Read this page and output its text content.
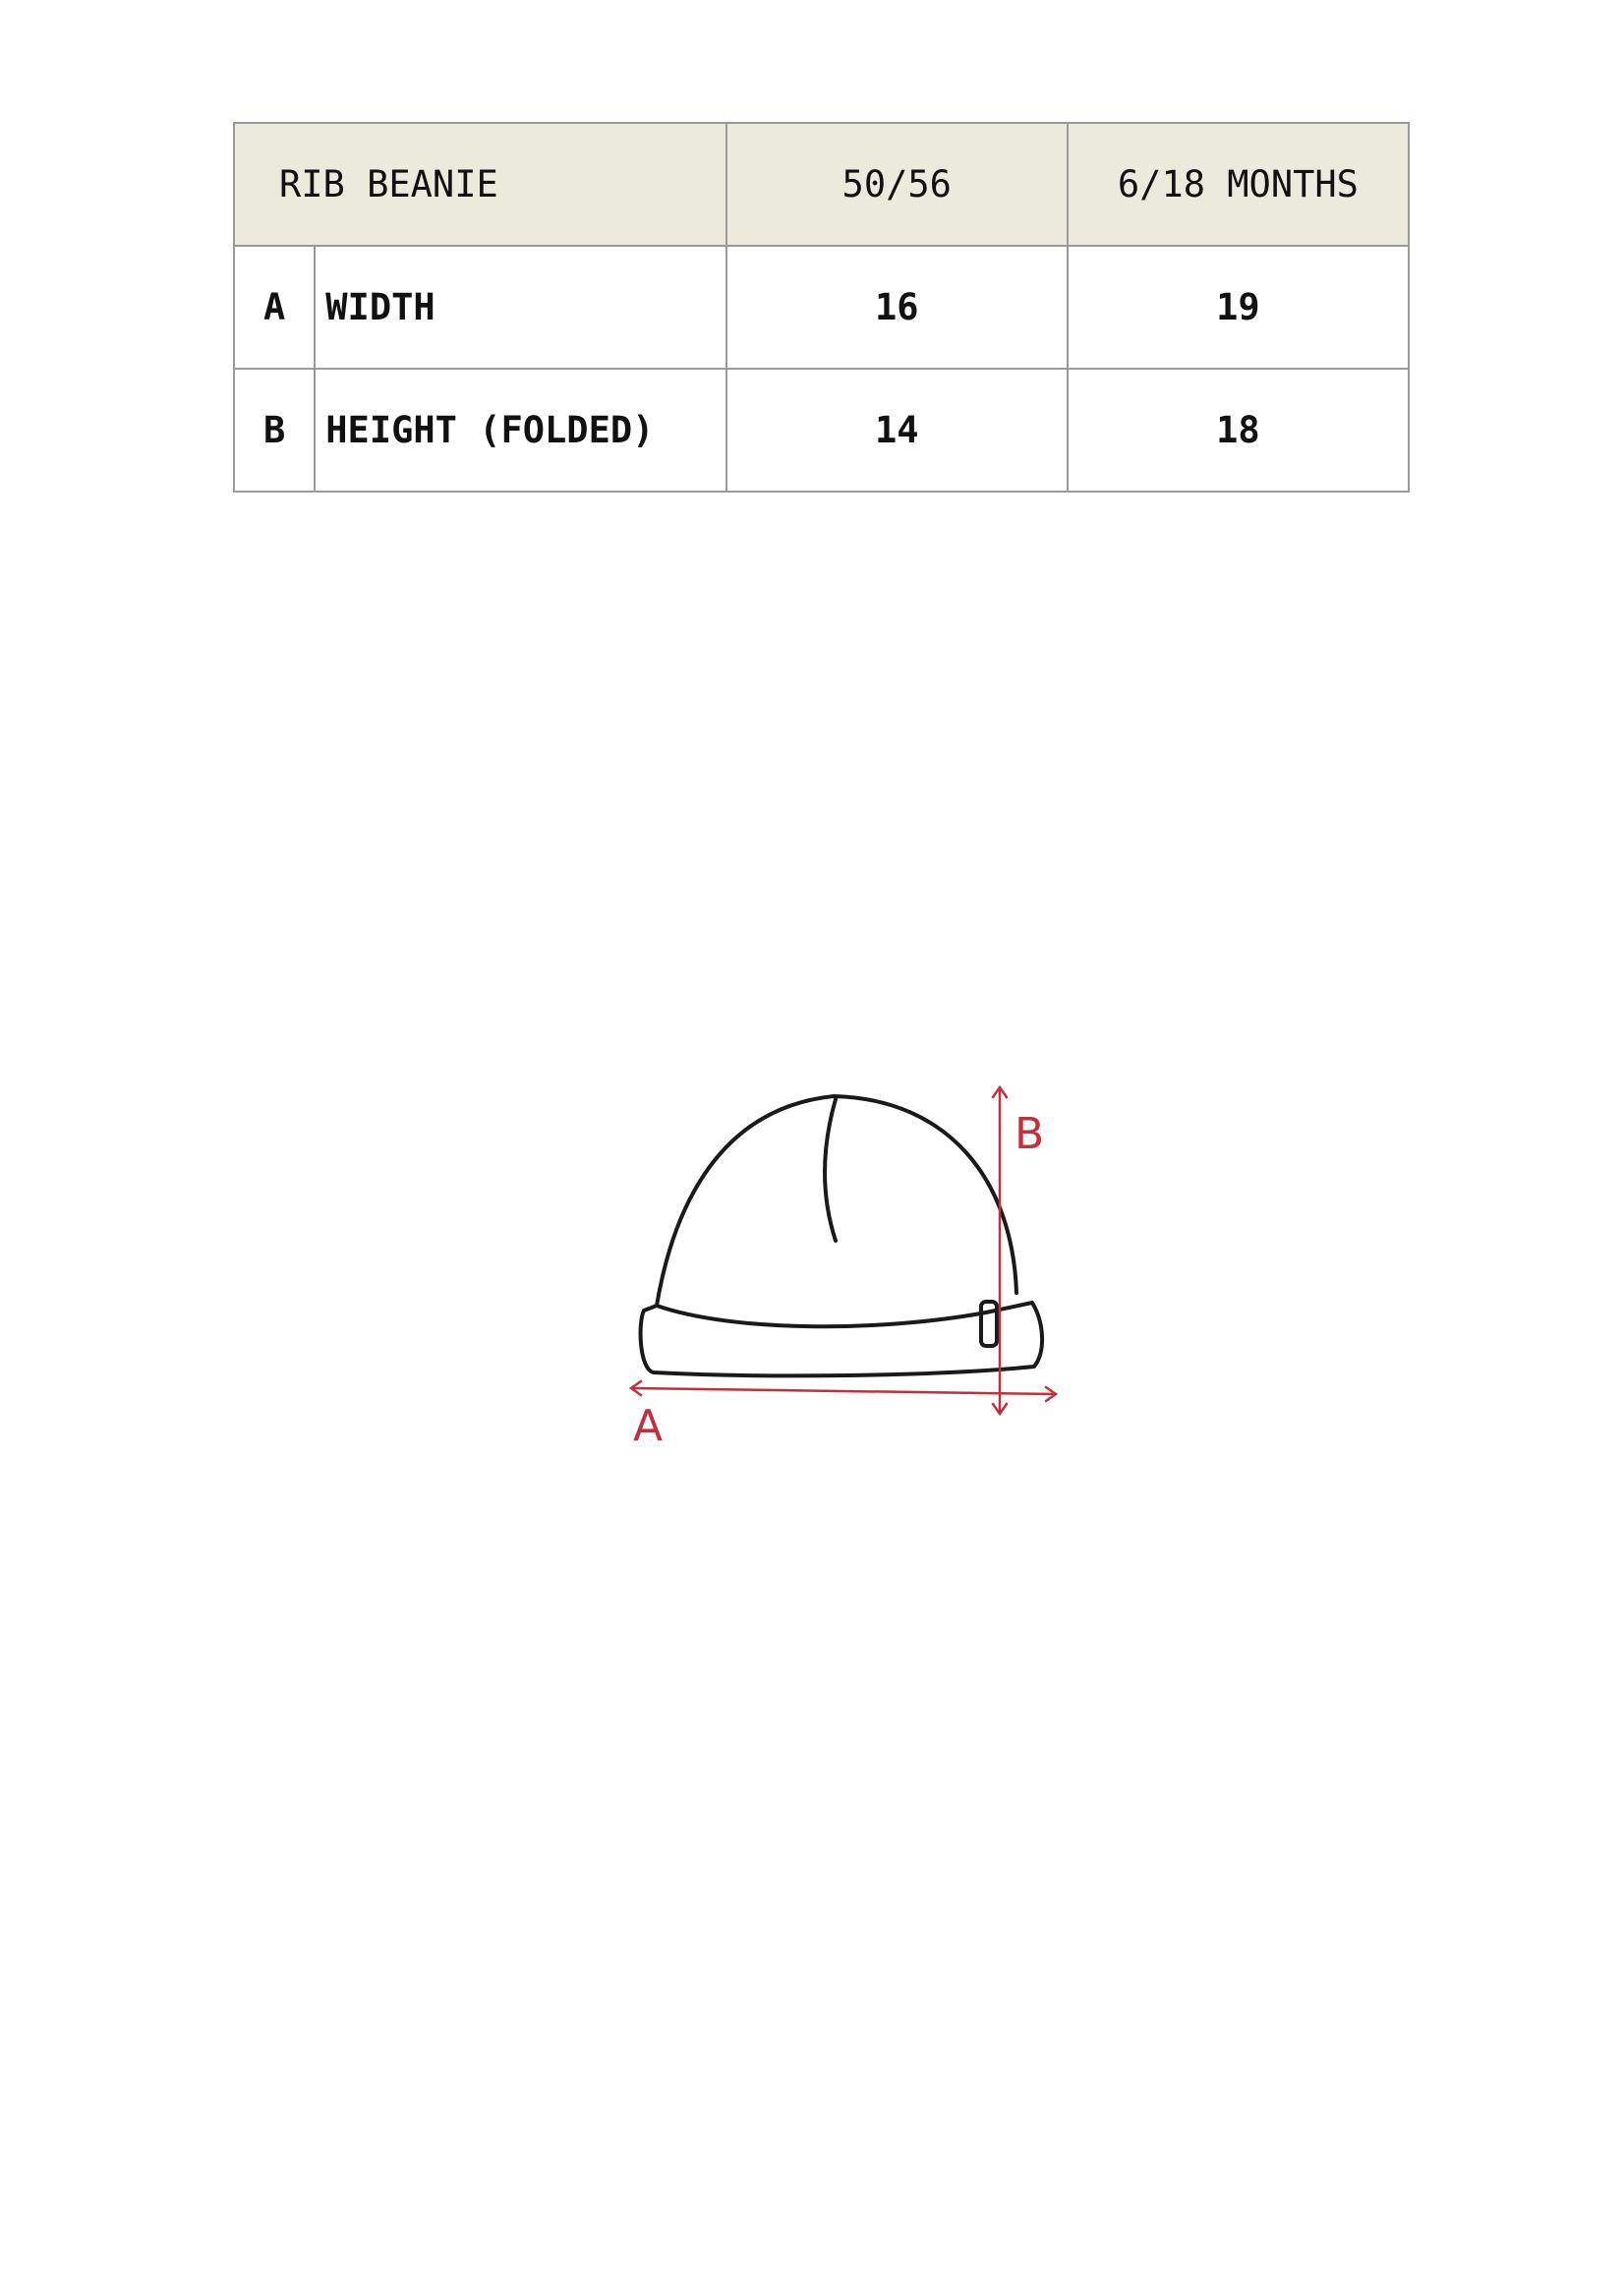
RIB BEANIE		50/56	6/18 MONTHS
A	WIDTH	16	19
B	HEIGHT (FOLDED)	14	18
A
B
